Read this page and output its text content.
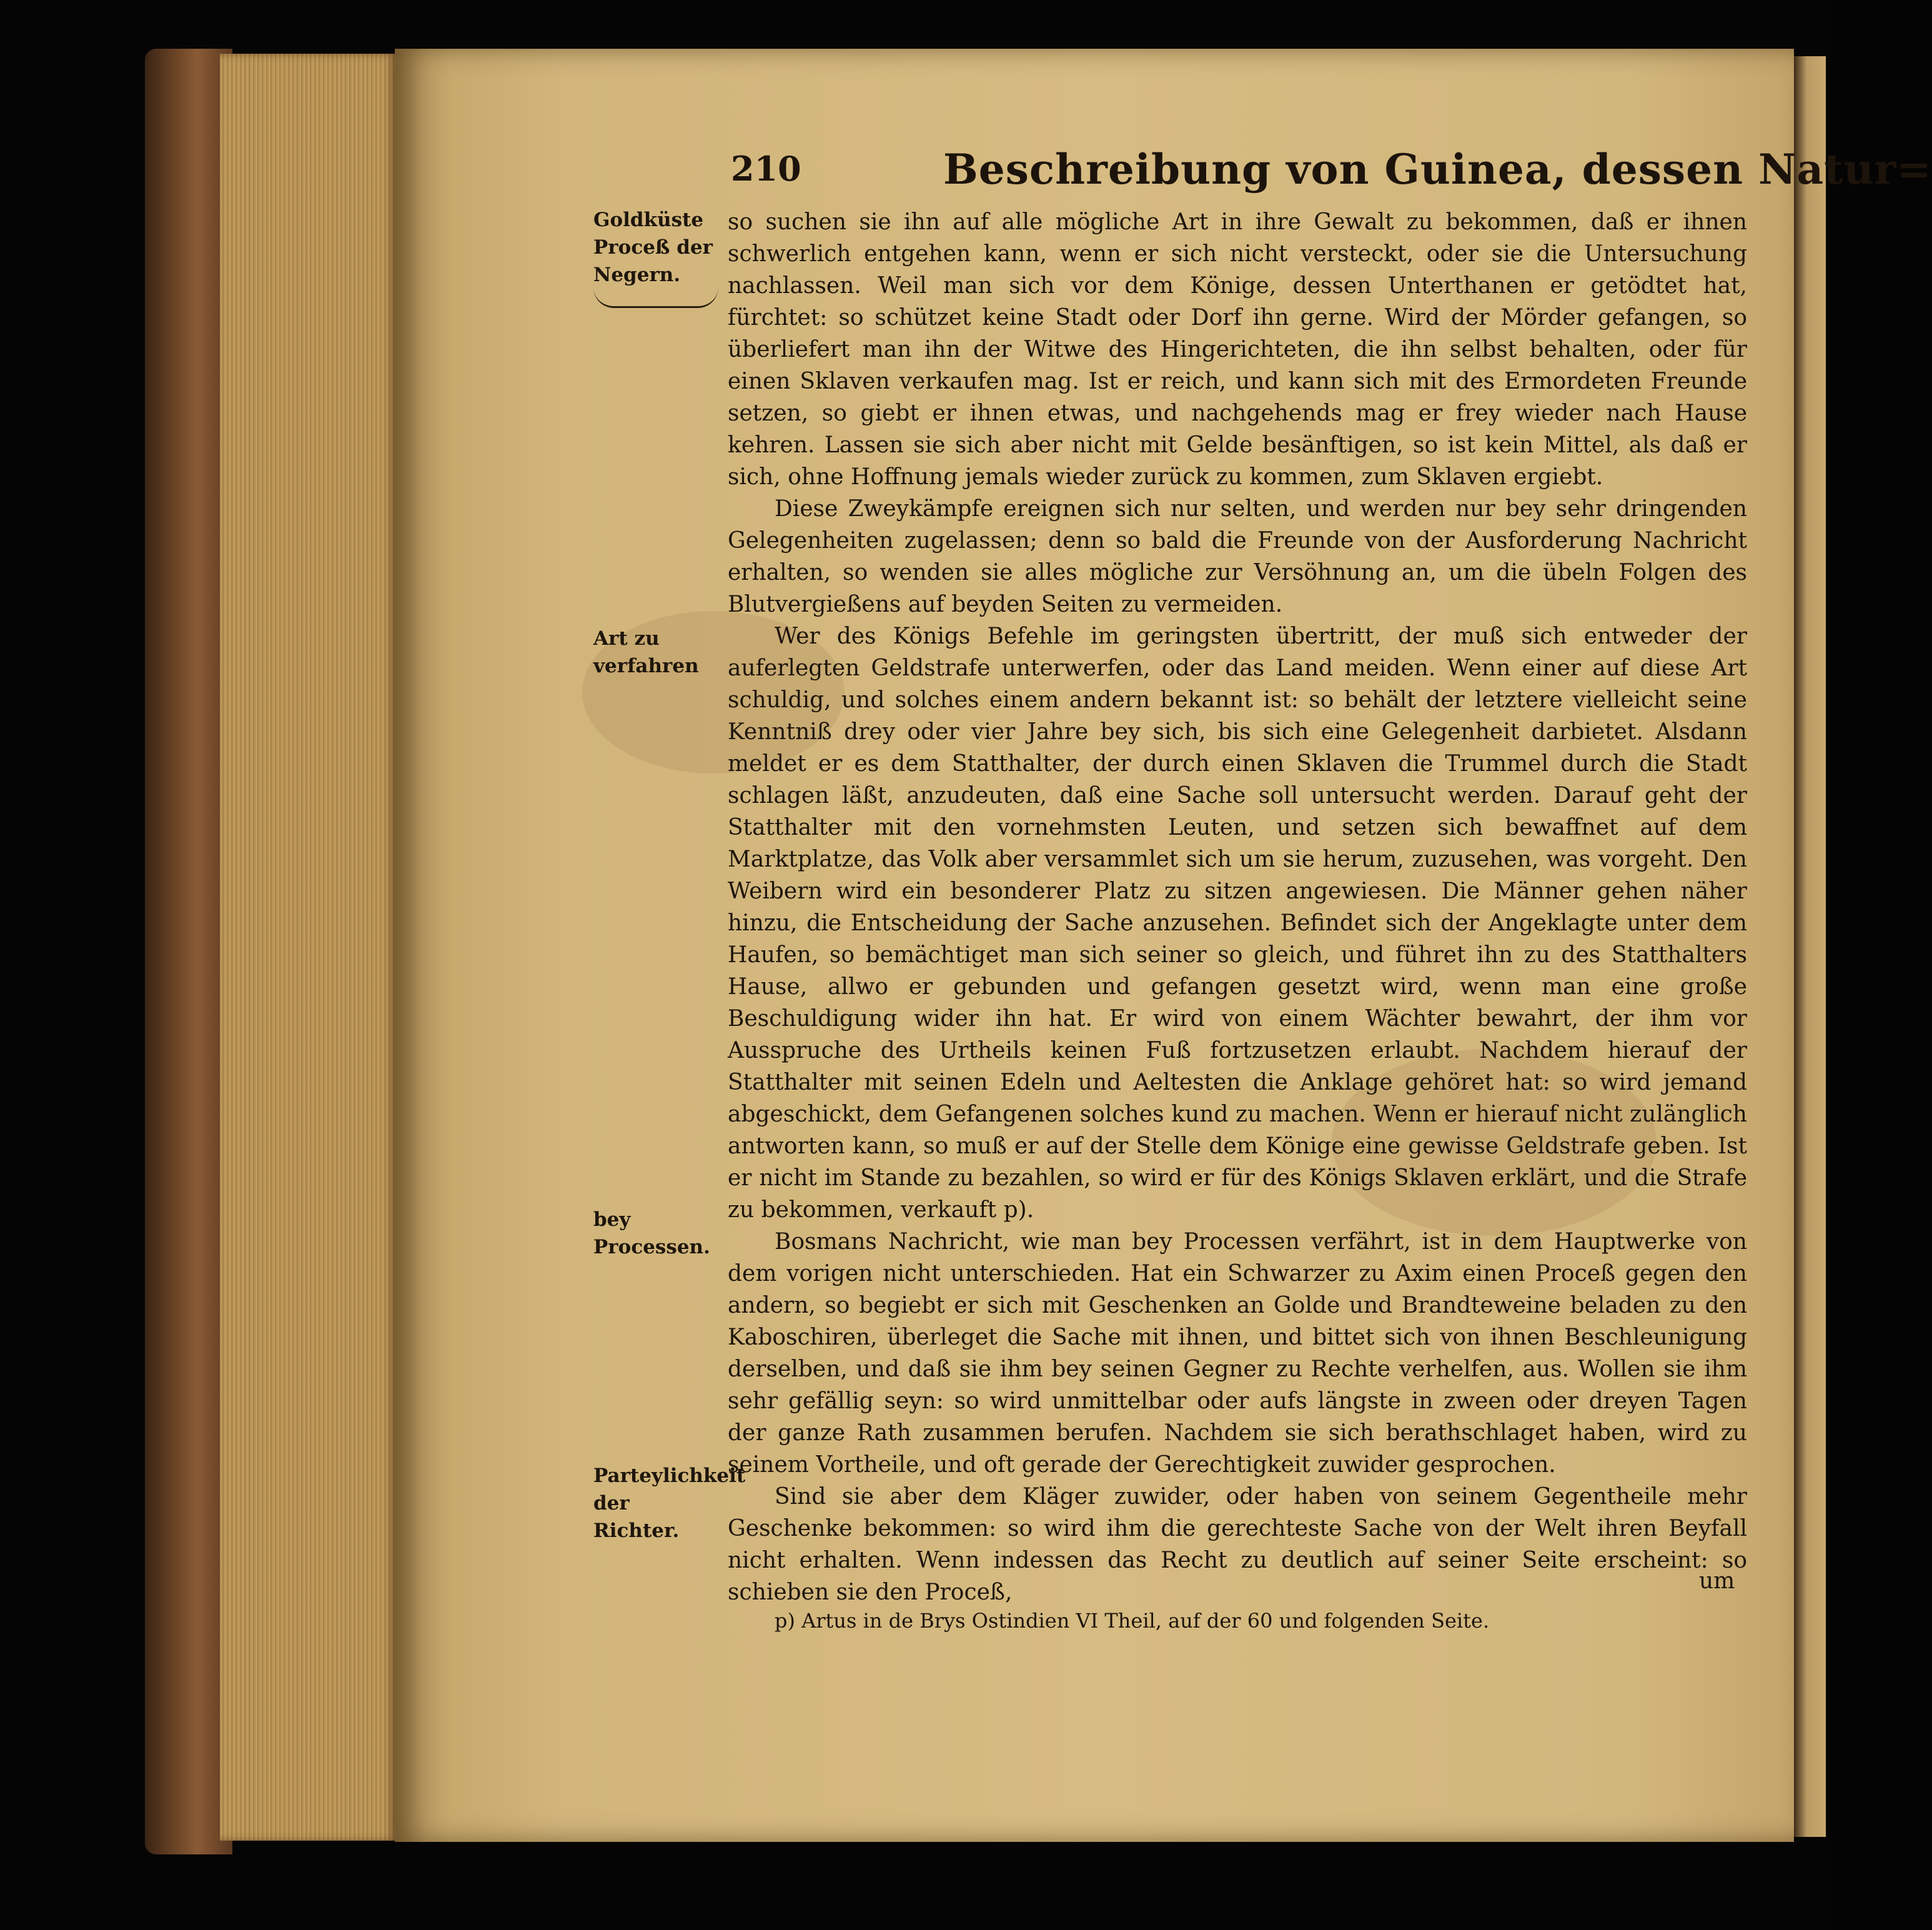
210	Beschreibung von Guinea, dessen Natur=
Goldküste Proceß der Negern.
Art zu verfahren
bey Processen.
Parteylichkeit der Richter.

so suchen sie ihn auf alle mögliche Art in ihre Gewalt zu bekommen, daß er ihnen schwerlich entgehen kann, wenn er sich nicht versteckt, oder sie die Untersuchung nachlassen. Weil man sich vor dem Könige, dessen Unterthanen er getödtet hat, fürchtet: so schützet keine Stadt oder Dorf ihn gerne. Wird der Mörder gefangen, so überliefert man ihn der Witwe des Hingerichteten, die ihn selbst behalten, oder für einen Sklaven verkaufen mag. Ist er reich, und kann sich mit des Ermordeten Freunde setzen, so giebt er ihnen etwas, und nachgehends mag er frey wieder nach Hause kehren. Lassen sie sich aber nicht mit Gelde besänftigen, so ist kein Mittel, als daß er sich, ohne Hoffnung jemals wieder zurück zu kommen, zum Sklaven ergiebt.

Diese Zweykämpfe ereignen sich nur selten, und werden nur bey sehr dringenden Gelegenheiten zugelassen; denn so bald die Freunde von der Ausforderung Nachricht erhalten, so wenden sie alles mögliche zur Versöhnung an, um die übeln Folgen des Blutvergießens auf beyden Seiten zu vermeiden.

Wer des Königs Befehle im geringsten übertritt, der muß sich entweder der auferlegten Geldstrafe unterwerfen, oder das Land meiden. Wenn einer auf diese Art schuldig, und solches einem andern bekannt ist: so behält der letztere vielleicht seine Kenntniß drey oder vier Jahre bey sich, bis sich eine Gelegenheit darbietet. Alsdann meldet er es dem Statthalter, der durch einen Sklaven die Trummel durch die Stadt schlagen läßt, anzudeuten, daß eine Sache soll untersucht werden. Darauf geht der Statthalter mit den vornehmsten Leuten, und setzen sich bewaffnet auf dem Marktplatze, das Volk aber versammlet sich um sie herum, zuzusehen, was vorgeht. Den Weibern wird ein besonderer Platz zu sitzen angewiesen. Die Männer gehen näher hinzu, die Entscheidung der Sache anzusehen. Befindet sich der Angeklagte unter dem Haufen, so bemächtiget man sich seiner so gleich, und führet ihn zu des Statthalters Hause, allwo er gebunden und gefangen gesetzt wird, wenn man eine große Beschuldigung wider ihn hat. Er wird von einem Wächter bewahrt, der ihm vor Ausspruche des Urtheils keinen Fuß fortzusetzen erlaubt. Nachdem hierauf der Statthalter mit seinen Edeln und Aeltesten die Anklage gehöret hat: so wird jemand abgeschickt, dem Gefangenen solches kund zu machen. Wenn er hierauf nicht zulänglich antworten kann, so muß er auf der Stelle dem Könige eine gewisse Geldstrafe geben. Ist er nicht im Stande zu bezahlen, so wird er für des Königs Sklaven erklärt, und die Strafe zu bekommen, verkauft p).

Bosmans Nachricht, wie man bey Processen verfährt, ist in dem Hauptwerke von dem vorigen nicht unterschieden. Hat ein Schwarzer zu Axim einen Proceß gegen den andern, so begiebt er sich mit Geschenken an Golde und Brandteweine beladen zu den Kaboschiren, überleget die Sache mit ihnen, und bittet sich von ihnen Beschleunigung derselben, und daß sie ihm bey seinen Gegner zu Rechte verhelfen, aus. Wollen sie ihm sehr gefällig seyn: so wird unmittelbar oder aufs längste in zween oder dreyen Tagen der ganze Rath zusammen berufen. Nachdem sie sich berathschlaget haben, wird zu seinem Vortheile, und oft gerade der Gerechtigkeit zuwider gesprochen.

Sind sie aber dem Kläger zuwider, oder haben von seinem Gegentheile mehr Geschenke bekommen: so wird ihm die gerechteste Sache von der Welt ihren Beyfall nicht erhalten. Wenn indessen das Recht zu deutlich auf seiner Seite erscheint: so schieben sie den Proceß,	um
p) Artus in de Brys Ostindien VI Theil, auf der 60 und folgenden Seite.
